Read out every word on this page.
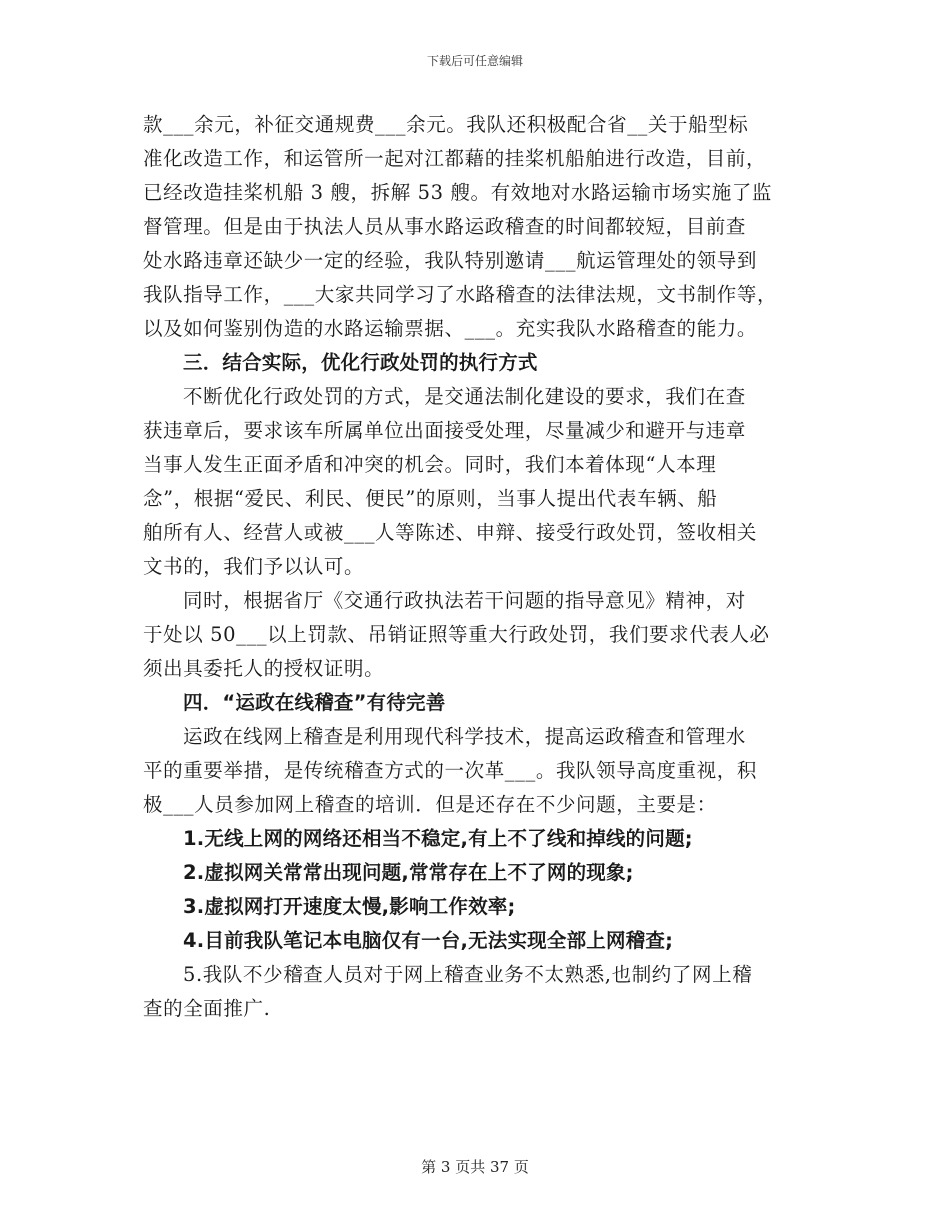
下载后可任意编辑
款___余元，补征交通规费___余元。我队还积极配合省__关于船型标
准化改造工作，和运管所一起对江都藉的挂桨机船舶进行改造，目前，
已经改造挂桨机船 3 艘，拆解 53 艘。有效地对水路运输市场实施了监
督管理。但是由于执法人员从事水路运政稽查的时间都较短，目前查
处水路违章还缺少一定的经验，我队特别邀请___航运管理处的领导到
我队指导工作，___大家共同学习了水路稽查的法律法规，文书制作等，
以及如何鉴别伪造的水路运输票据、___。充实我队水路稽查的能力。
三．结合实际，优化行政处罚的执行方式
不断优化行政处罚的方式，是交通法制化建设的要求，我们在查
获违章后，要求该车所属单位出面接受处理，尽量减少和避开与违章
当事人发生正面矛盾和冲突的机会。同时，我们本着体现“人本理
念”，根据“爱民、利民、便民”的原则，当事人提出代表车辆、船
舶所有人、经营人或被___人等陈述、申辩、接受行政处罚，签收相关
文书的，我们予以认可。
同时，根据省厅《交通行政执法若干问题的指导意见》精神，对
于处以 50___以上罚款、吊销证照等重大行政处罚，我们要求代表人必
须出具委托人的授权证明。
四．“运政在线稽查”有待完善
运政在线网上稽查是利用现代科学技术，提高运政稽查和管理水
平的重要举措，是传统稽查方式的一次革___。我队领导高度重视，积
极___人员参加网上稽查的培训．但是还存在不少问题，主要是：
1.无线上网的网络还相当不稳定,有上不了线和掉线的问题;
2.虚拟网关常常出现问题,常常存在上不了网的现象;
3.虚拟网打开速度太慢,影响工作效率;
4.目前我队笔记本电脑仅有一台,无法实现全部上网稽查;
5.我队不少稽查人员对于网上稽查业务不太熟悉,也制约了网上稽
查的全面推广.
第 3 页共 37 页
